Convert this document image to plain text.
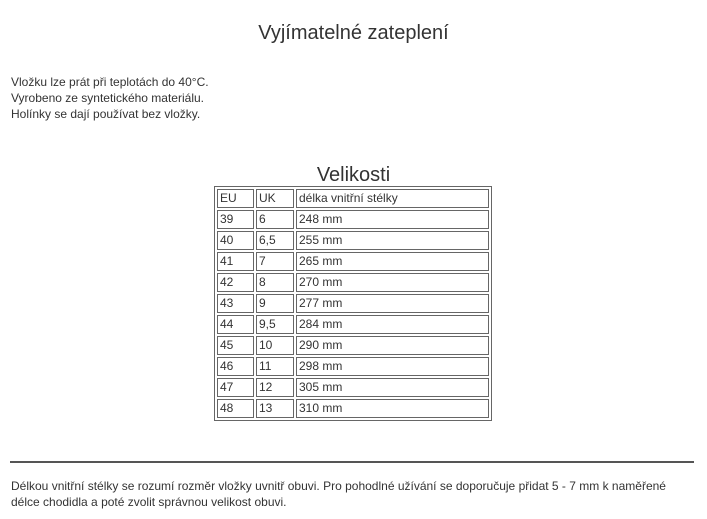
Vyjímatelné zateplení
Vložku lze prát při teplotách do 40°C.
Vyrobeno ze syntetického materiálu.
Holínky se dají používat bez vložky.
Velikosti
EU	UK	délka vnitřní stélky
39	6	248 mm
40	6,5	255 mm
41	7	265 mm
42	8	270 mm
43	9	277 mm
44	9,5	284 mm
45	10	290 mm
46	11	298 mm
47	12	305 mm
48	13	310 mm
Délkou vnitřní stélky se rozumí rozměr vložky uvnitř obuvi. Pro pohodlné užívání se doporučuje přidat 5 - 7 mm k naměřené délce chodidla a poté zvolit správnou velikost obuvi.
